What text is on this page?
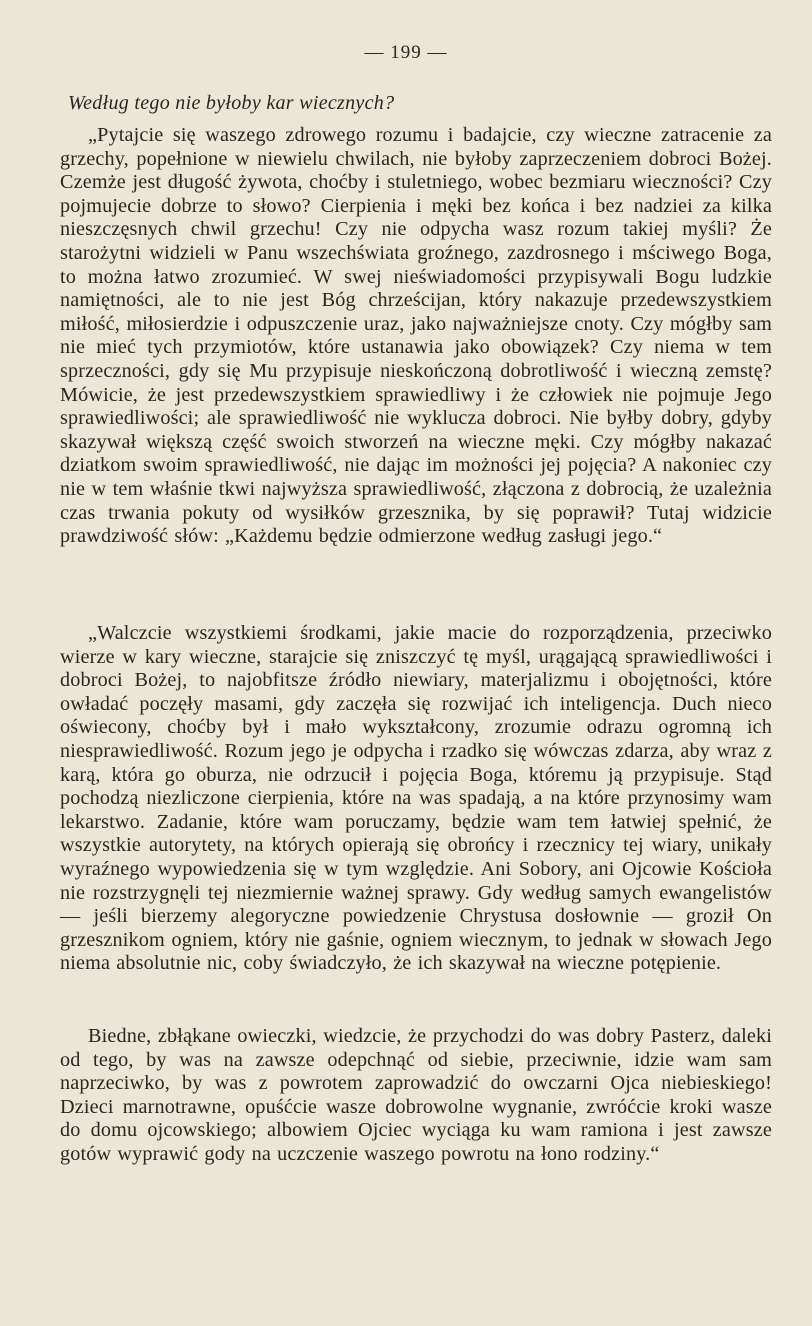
— 199 —
Według tego nie byłoby kar wiecznych?

„Pytajcie się waszego zdrowego rozumu i badajcie, czy wieczne zatracenie za grzechy, popełnione w niewielu chwilach, nie byłoby zaprzeczeniem dobroci Bożej. Czemże jest długość żywota, choćby i stuletniego, wobec bezmiaru wieczności? Czy pojmujecie dobrze to słowo? Cierpienia i męki bez końca i bez nadziei za kilka nieszczęsnych chwil grzechu! Czy nie odpycha wasz rozum takiej myśli? Że starożytni widzieli w Panu wszechświata groźnego, zazdrosnego i mściwego Boga, to można łatwo zrozumieć. W swej nieświadomości przypisywali Bogu ludzkie namiętności, ale to nie jest Bóg chrześcijan, który nakazuje przedewszystkiem miłość, miłosierdzie i odpuszczenie uraz, jako najważniejsze cnoty. Czy mógłby sam nie mieć tych przymiotów, które ustanawia jako obowiązek? Czy niema w tem sprzeczności, gdy się Mu przypisuje nieskończoną dobrotliwość i wieczną zemstę? Mówicie, że jest przedewszystkiem sprawiedliwy i że człowiek nie pojmuje Jego sprawiedliwości; ale sprawiedliwość nie wyklucza dobroci. Nie byłby dobry, gdyby skazywał większą część swoich stworzeń na wieczne męki. Czy mógłby nakazać dziatkom swoim sprawiedliwość, nie dając im możności jej pojęcia? A nakoniec czy nie w tem właśnie tkwi najwyższa sprawiedliwość, złączona z dobrocią, że uzależnia czas trwania pokuty od wysiłków grzesznika, by się poprawił? Tutaj widzicie prawdziwość słów: „Każdemu będzie odmierzone według zasługi jego.“

„Walczcie wszystkiemi środkami, jakie macie do rozporządzenia, przeciwko wierze w kary wieczne, starajcie się zniszczyć tę myśl, urągającą sprawiedliwości i dobroci Bożej, to najobfitsze źródło niewiary, materjalizmu i obojętności, które owładać poczęły masami, gdy zaczęła się rozwijać ich inteligencja. Duch nieco oświecony, choćby był i mało wykształcony, zrozumie odrazu ogromną ich niesprawiedliwość. Rozum jego je odpycha i rzadko się wówczas zdarza, aby wraz z karą, która go oburza, nie odrzucił i pojęcia Boga, któremu ją przypisuje. Stąd pochodzą niezliczone cierpienia, które na was spadają, a na które przynosimy wam lekarstwo. Zadanie, które wam poruczamy, będzie wam tem łatwiej spełnić, że wszystkie autorytety, na których opierają się obrońcy i rzecznicy tej wiary, unikały wyraźnego wypowiedzenia się w tym względzie. Ani Sobory, ani Ojcowie Kościoła nie rozstrzygnęli tej niezmiernie ważnej sprawy. Gdy według samych ewangelistów — jeśli bierzemy alegoryczne powiedzenie Chrystusa dosłownie — groził On grzesznikom ogniem, który nie gaśnie, ogniem wiecznym, to jednak w słowach Jego niema absolutnie nic, coby świadczyło, że ich skazywał na wieczne potępienie.

Biedne, zbłąkane owieczki, wiedzcie, że przychodzi do was dobry Pasterz, daleki od tego, by was na zawsze odepchnąć od siebie, przeciwnie, idzie wam sam naprzeciwko, by was z powrotem zaprowadzić do owczarni Ojca niebieskiego! Dzieci marnotrawne, opuśćcie wasze dobrowolne wygnanie, zwróćcie kroki wasze do domu ojcowskiego; albowiem Ojciec wyciąga ku wam ramiona i jest zawsze gotów wyprawić gody na uczczenie waszego powrotu na łono rodziny.“
